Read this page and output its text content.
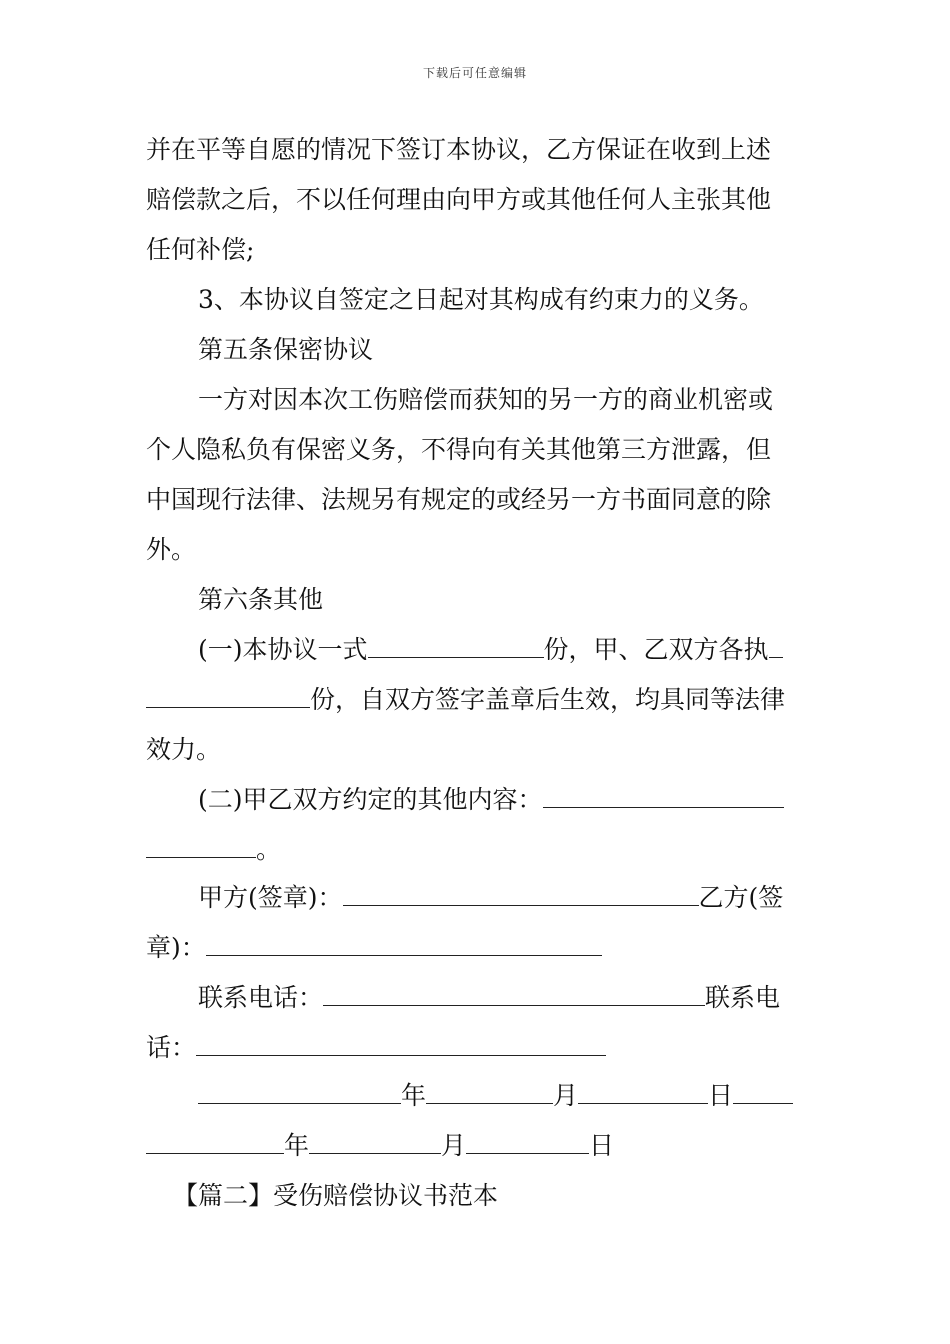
下载后可任意编辑
并在平等自愿的情况下签订本协议，乙方保证在收到上述
赔偿款之后，不以任何理由向甲方或其他任何人主张其他
任何补偿;
3、本协议自签定之日起对其构成有约束力的义务。
第五条保密协议
一方对因本次工伤赔偿而获知的另一方的商业机密或
个人隐私负有保密义务，不得向有关其他第三方泄露，但
中国现行法律、法规另有规定的或经另一方书面同意的除
外。
第六条其他
(一)本协议一式	份，甲、乙双方各执
份，自双方签字盖章后生效，均具同等法律
效力。
(二)甲乙双方约定的其他内容：
。
甲方(签章)：	乙方(签
章)：
联系电话：	联系电
话：
年	月	日
年	月	日
【篇二】受伤赔偿协议书范本
